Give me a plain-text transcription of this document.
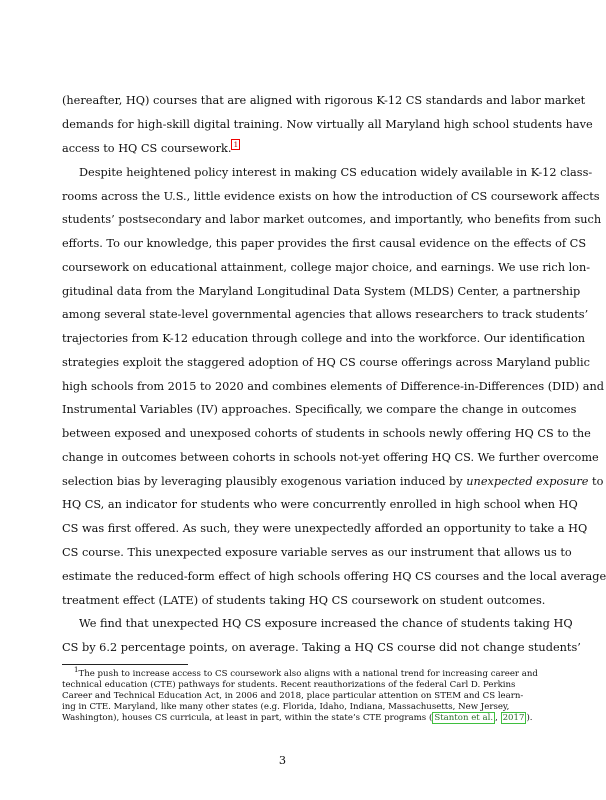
(hereafter, HQ) courses that are aligned with rigorous K-12 CS standards and labor market
demands for high-skill digital training. Now virtually all Maryland high school students have
access to HQ CS coursework. $^1$
Despite heightened policy interest in making CS education widely available in K-12 class-
rooms across the U.S., little evidence exists on how the introduction of CS coursework affects
students’ postsecondary and labor market outcomes, and importantly, who benefits from such
efforts. To our knowledge, this paper provides the first causal evidence on the effects of CS
coursework on educational attainment, college major choice, and earnings. We use rich lon-
gitudinal data from the Maryland Longitudinal Data System (MLDS) Center, a partnership
among several state-level governmental agencies that allows researchers to track students’
trajectories from K-12 education through college and into the workforce. Our identification
strategies exploit the staggered adoption of HQ CS course offerings across Maryland public
high schools from 2015 to 2020 and combines elements of Difference-in-Differences (DID) and
Instrumental Variables (IV) approaches. Specifically, we compare the change in outcomes
between exposed and unexposed cohorts of students in schools newly offering HQ CS to the
change in outcomes between cohorts in schools not-yet offering HQ CS. We further overcome
selection bias by leveraging plausibly exogenous variation induced by unexpected exposure to
HQ CS, an indicator for students who were concurrently enrolled in high school when HQ
CS was first offered. As such, they were unexpectedly afforded an opportunity to take a HQ
CS course. This unexpected exposure variable serves as our instrument that allows us to
estimate the reduced-form effect of high schools offering HQ CS courses and the local average
treatment effect (LATE) of students taking HQ CS coursework on student outcomes.
We find that unexpected HQ CS exposure increased the chance of students taking HQ
CS by 6.2 percentage points, on average. Taking a HQ CS course did not change students’
$^1$The push to increase access to CS coursework also aligns with a national trend for increasing career and
technical education (CTE) pathways for students. Recent reauthorizations of the federal Carl D. Perkins
Career and Technical Education Act, in 2006 and 2018, place particular attention on STEM and CS learn-
ing in CTE. Maryland, like many other states (e.g. Florida, Idaho, Indiana, Massachusetts, New Jersey,
Washington), houses CS curricula, at least in part, within the state’s CTE programs ( Stanton et al. , 2017 ).
3
